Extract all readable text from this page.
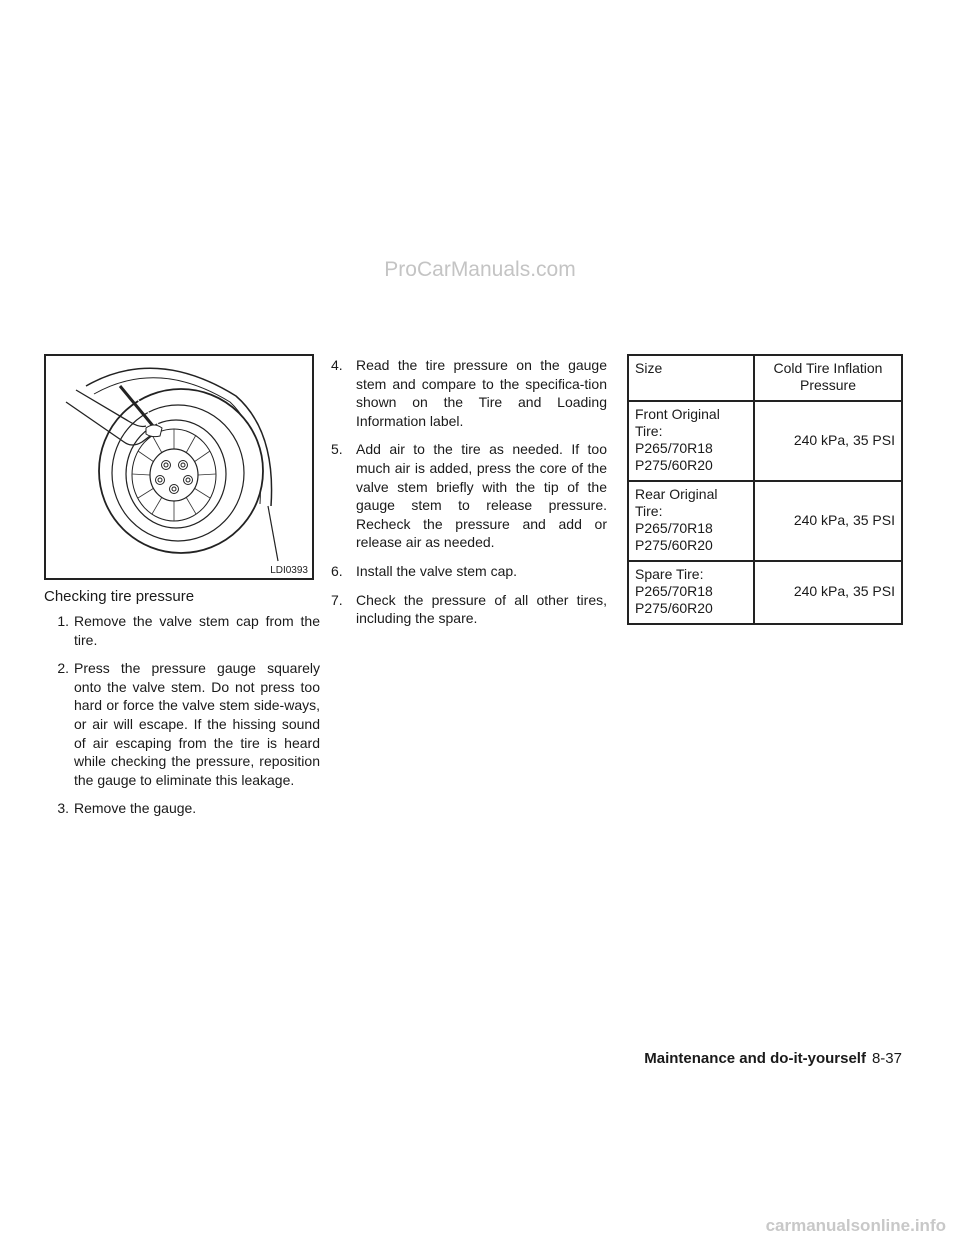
ProCarManuals.com
LDI0393
Checking tire pressure
1. Remove the valve stem cap from the tire.
2. Press the pressure gauge squarely onto the valve stem. Do not press too hard or force the valve stem side-ways, or air will escape. If the hissing sound of air escaping from the tire is heard while checking the pressure, reposition the gauge to eliminate this leakage.
3. Remove the gauge.
4. Read the tire pressure on the gauge stem and compare to the specifica-tion shown on the Tire and Loading Information label.
5. Add air to the tire as needed. If too much air is added, press the core of the valve stem briefly with the tip of the gauge stem to release pressure. Recheck the pressure and add or release air as needed.
6. Install the valve stem cap.
7. Check the pressure of all other tires, including the spare.
Size	Cold Tire Inflation Pressure

Front Original Tire:
P265/70R18
P275/60R20	240 kPa, 35 PSI

Rear Original Tire:
P265/70R18
P275/60R20	240 kPa, 35 PSI

Spare Tire:
P265/70R18
P275/60R20	240 kPa, 35 PSI
Maintenance and do-it-yourself 8-37
carmanualsonline.info
